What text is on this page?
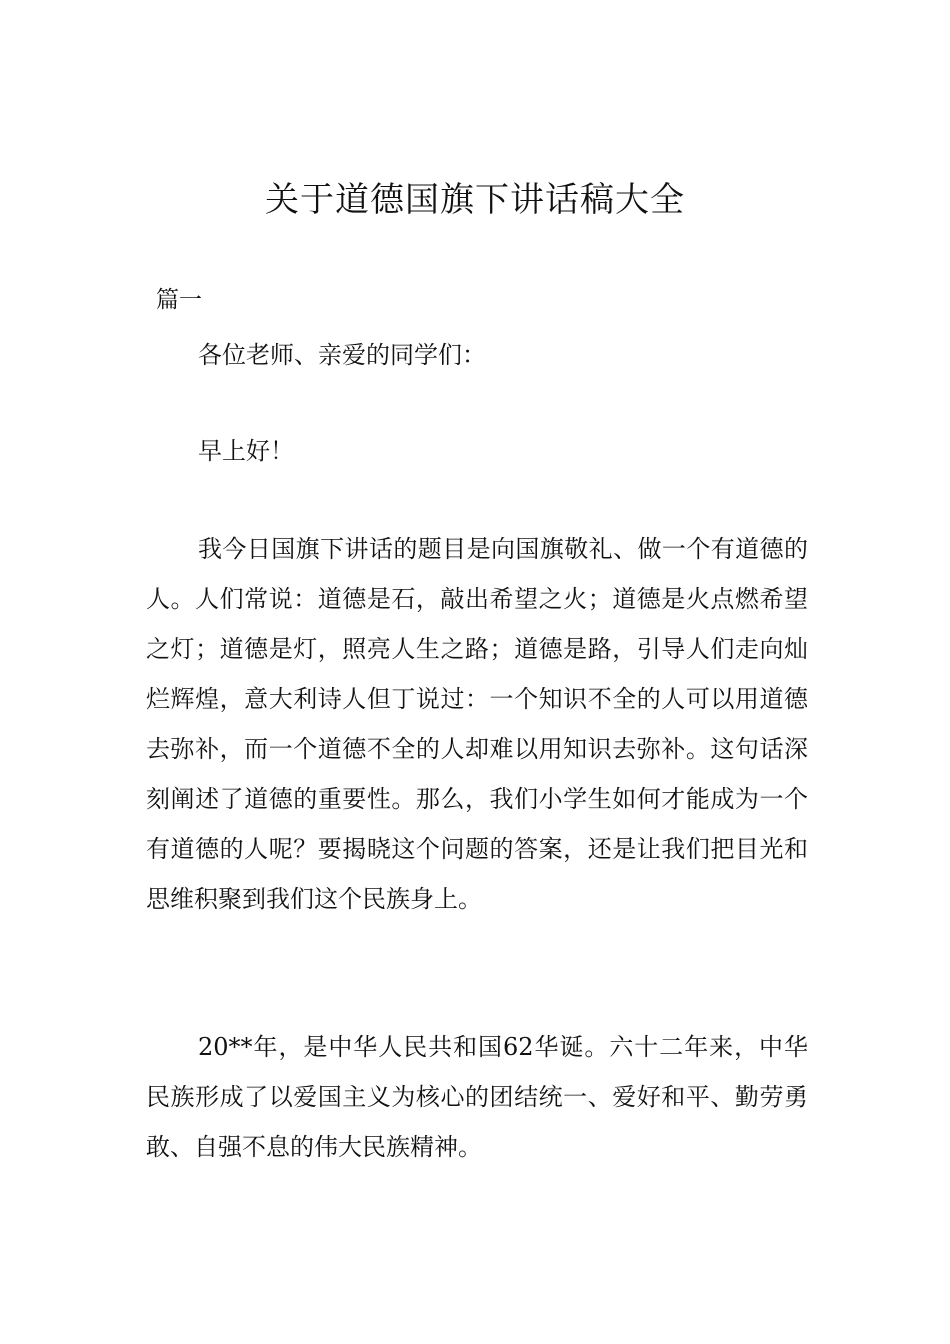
关于道德国旗下讲话稿大全
篇一

各位老师、亲爱的同学们：

早上好！

我今日国旗下讲话的题目是向国旗敬礼、做一个有道德的人。人们常说：道德是石，敲出希望之火；道德是火点燃希望之灯；道德是灯，照亮人生之路；道德是路，引导人们走向灿烂辉煌，意大利诗人但丁说过：一个知识不全的人可以用道德去弥补，而一个道德不全的人却难以用知识去弥补。这句话深刻阐述了道德的重要性。那么，我们小学生如何才能成为一个有道德的人呢？要揭晓这个问题的答案，还是让我们把目光和思维积聚到我们这个民族身上。

20**年，是中华人民共和国62华诞。六十二年来，中华民族形成了以爱国主义为核心的团结统一、爱好和平、勤劳勇敢、自强不息的伟大民族精神。
